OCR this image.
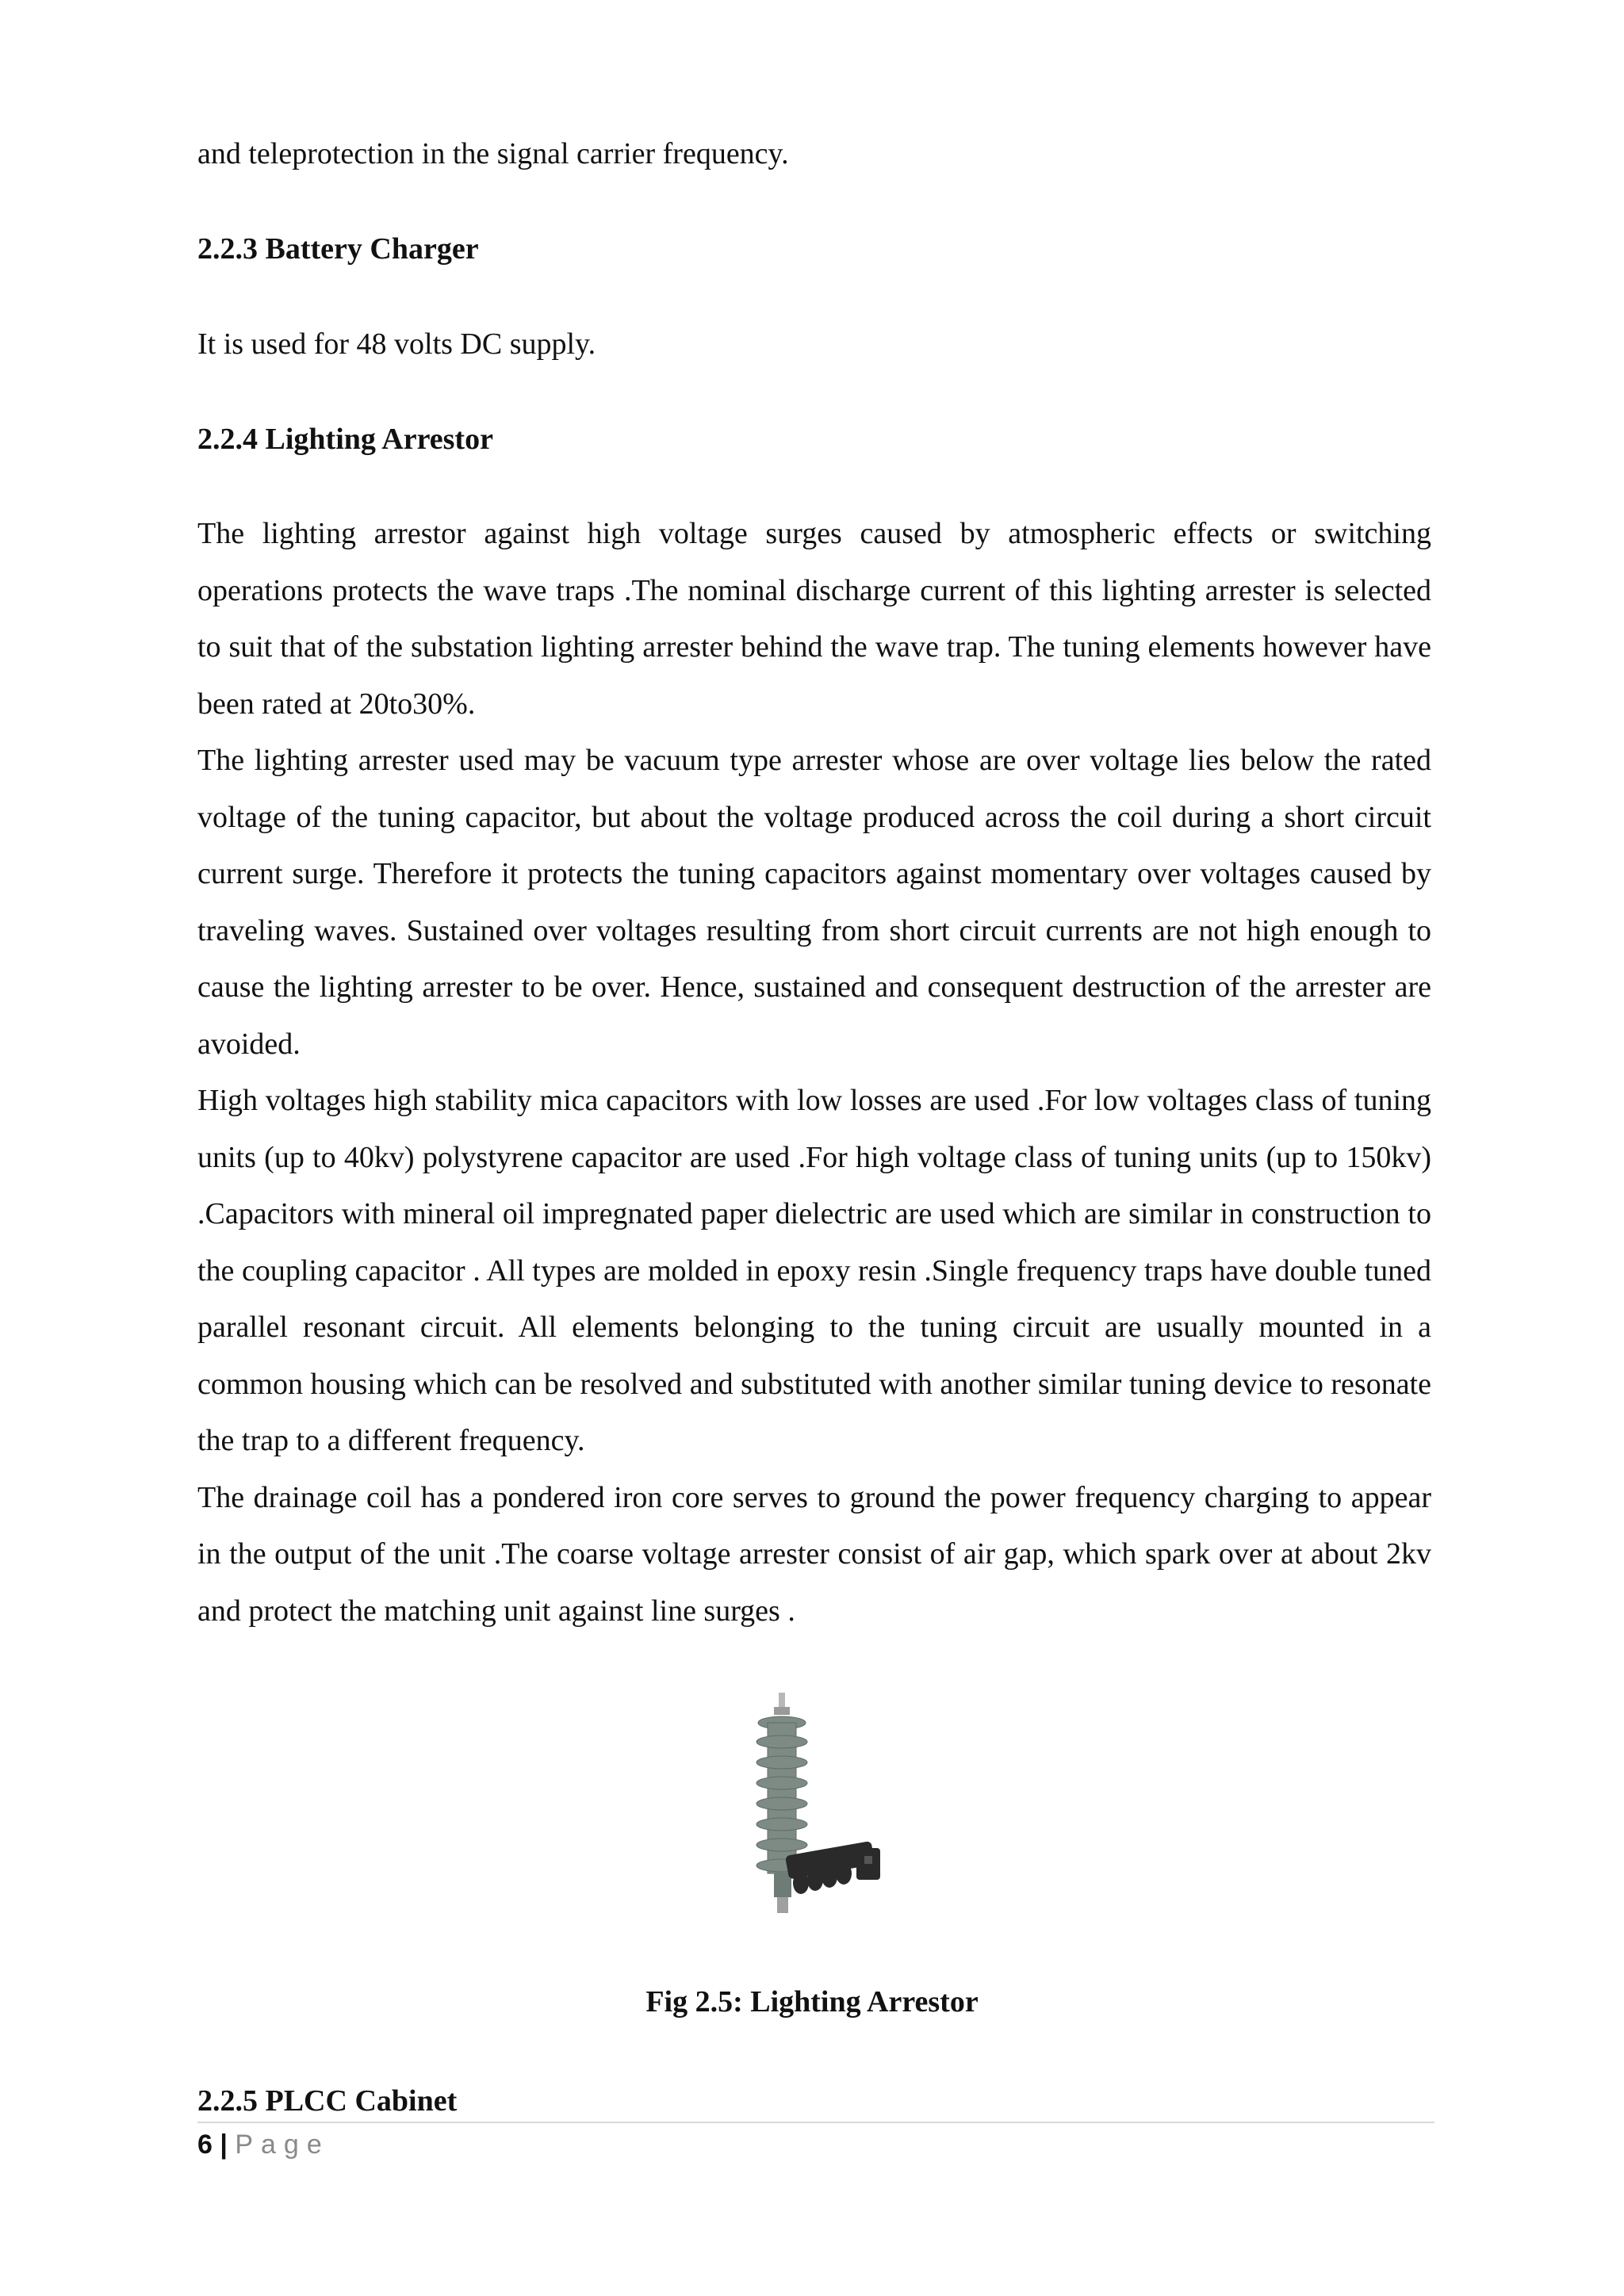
and teleprotection in the signal carrier frequency.

2.2.3 Battery Charger

It is used for 48 volts DC supply.

2.2.4 Lighting Arrestor

The lighting arrestor against high voltage surges caused by atmospheric effects or switching operations protects the wave traps .The nominal discharge current of this lighting arrester is selected to suit that of the substation lighting arrester behind the wave trap. The tuning elements however have been rated at 20to30%.

The lighting arrester used may be vacuum type arrester whose are over voltage lies below the rated voltage of the tuning capacitor, but about the voltage produced across the coil during a short circuit current surge. Therefore it protects the tuning capacitors against momentary over voltages caused by traveling waves. Sustained over voltages resulting from short circuit currents are not high enough to cause the lighting arrester to be over. Hence, sustained and consequent destruction of the arrester are avoided.

High voltages high stability mica capacitors with low losses are used .For low voltages class of tuning units (up to 40kv) polystyrene capacitor are used .For high voltage class of tuning units (up to 150kv) .Capacitors with mineral oil impregnated paper dielectric are used which are similar in construction to the coupling capacitor . All types are molded in epoxy resin .Single frequency traps have double tuned parallel resonant circuit. All elements belonging to the tuning circuit are usually mounted in a common housing which can be resolved and substituted with another similar tuning device to resonate the trap to a different frequency.

The drainage coil has a pondered iron core serves to ground the power frequency charging to appear in the output of the unit .The coarse voltage arrester consist of air gap, which spark over at about 2kv and protect the matching unit against line surges .

Fig 2.5: Lighting Arrestor
2.2.5 PLCC Cabinet
6 | Page
